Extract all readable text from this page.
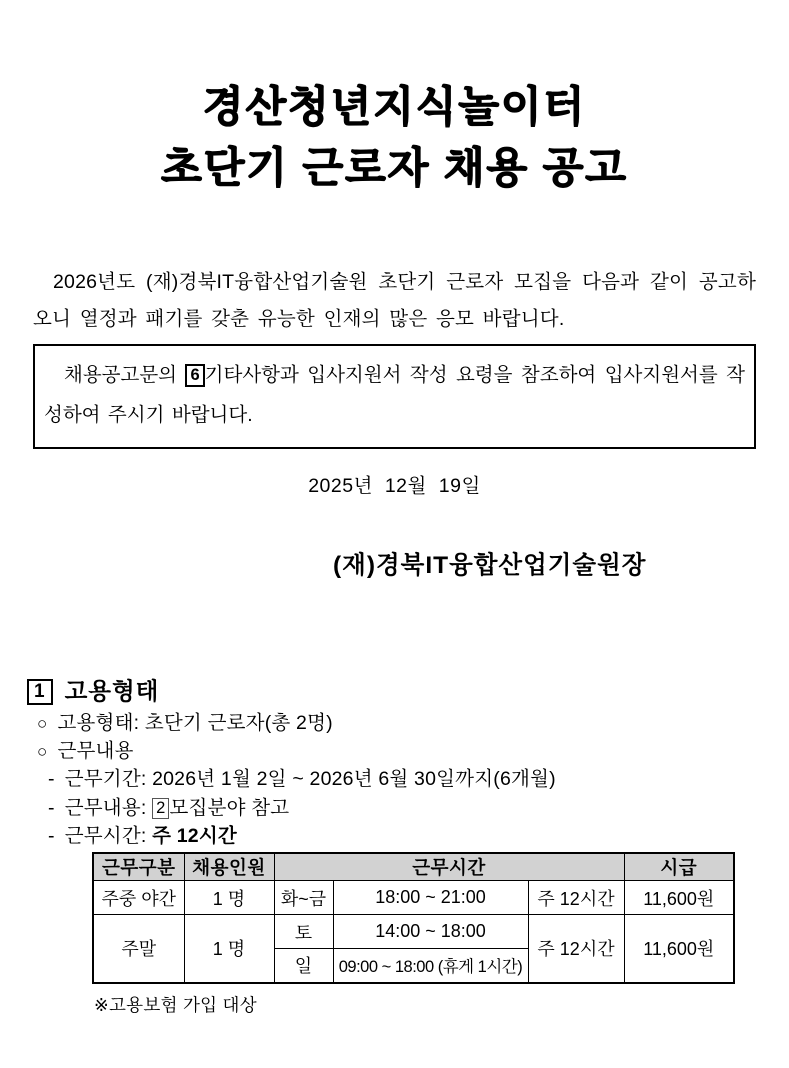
경산청년지식놀이터
초단기 근로자 채용 공고

2026년도 (재)경북IT융합산업기술원 초단기 근로자 모집을 다음과 같이 공고하오니 열정과 패기를 갖춘 유능한 인재의 많은 응모 바랍니다.

채용공고문의 6 기타사항과 입사지원서 작성 요령을 참조하여 입사지원서를 작성하여 주시기 바랍니다.
2025년 12월 19일
(재)경북IT융합산업기술원장
1 고용형태
○ 고용형태: 초단기 근로자(총 2명)
○ 근무내용
- 근무기간: 2026년 1월 2일 ~ 2026년 6월 30일까지(6개월)
- 근무내용: 2 모집분야 참고
- 근무시간: 주 12시간
근무구분	채용인원	근무시간			시급
주중 야간	1 명	화~금	18:00 ~ 21:00	주 12시간	11,600원
주말	1 명	토	14:00 ~ 18:00	주 12시간	11,600원
		일	09:00 ~ 18:00 (휴게 1시간)		
※고용보험 가입 대상
